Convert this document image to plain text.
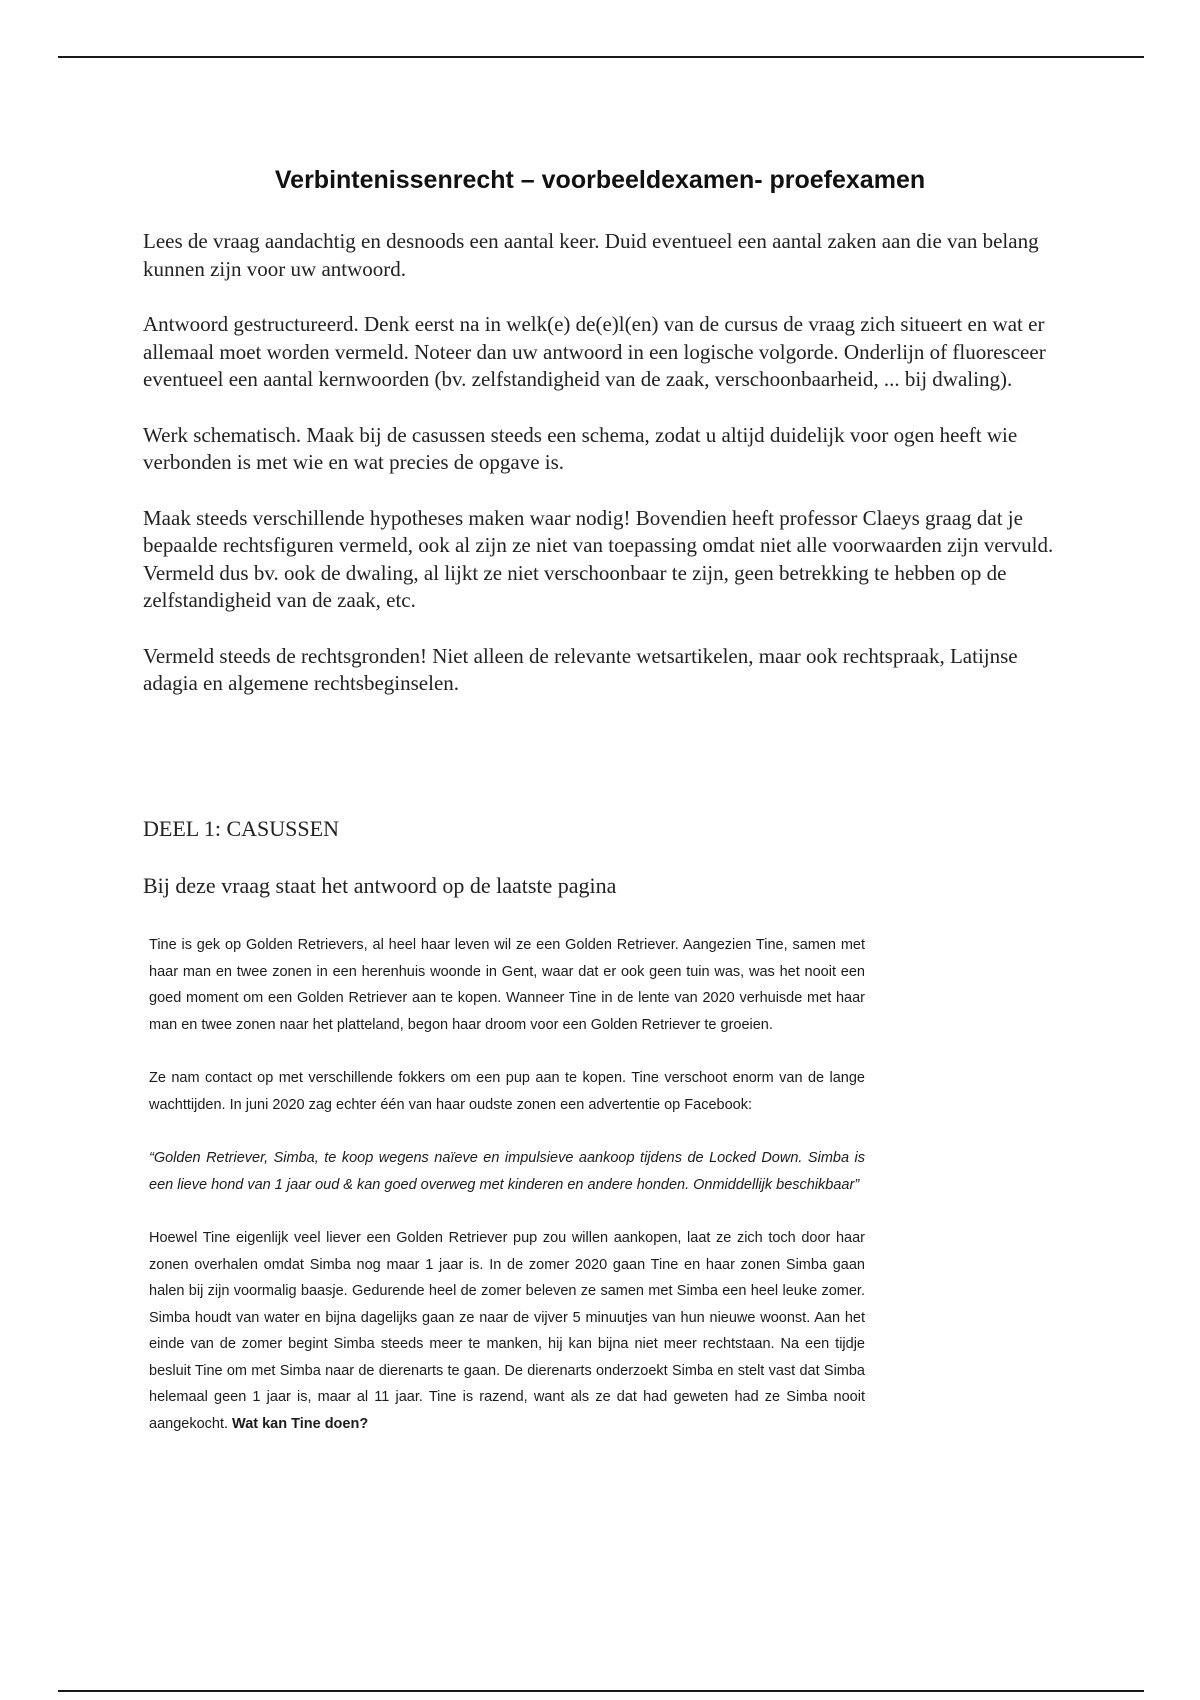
Verbintenissenrecht – voorbeeldexamen- proefexamen

Lees de vraag aandachtig en desnoods een aantal keer. Duid eventueel een aantal zaken aan die van belang kunnen zijn voor uw antwoord.

Antwoord gestructureerd. Denk eerst na in welk(e) de(e)l(en) van de cursus de vraag zich situeert en wat er allemaal moet worden vermeld. Noteer dan uw antwoord in een logische volgorde. Onderlijn of fluoresceer eventueel een aantal kernwoorden (bv. zelfstandigheid van de zaak, verschoonbaarheid, ... bij dwaling).

Werk schematisch. Maak bij de casussen steeds een schema, zodat u altijd duidelijk voor ogen heeft wie verbonden is met wie en wat precies de opgave is.

Maak steeds verschillende hypotheses maken waar nodig! Bovendien heeft professor Claeys graag dat je bepaalde rechtsfiguren vermeld, ook al zijn ze niet van toepassing omdat niet alle voorwaarden zijn vervuld. Vermeld dus bv. ook de dwaling, al lijkt ze niet verschoonbaar te zijn, geen betrekking te hebben op de zelfstandigheid van de zaak, etc.

Vermeld steeds de rechtsgronden! Niet alleen de relevante wetsartikelen, maar ook rechtspraak, Latijnse adagia en algemene rechtsbeginselen.

DEEL 1: CASUSSEN
Bij deze vraag staat het antwoord op de laatste pagina

Tine is gek op Golden Retrievers, al heel haar leven wil ze een Golden Retriever. Aangezien Tine, samen met haar man en twee zonen in een herenhuis woonde in Gent, waar dat er ook geen tuin was, was het nooit een goed moment om een Golden Retriever aan te kopen. Wanneer Tine in de lente van 2020 verhuisde met haar man en twee zonen naar het platteland, begon haar droom voor een Golden Retriever te groeien.

Ze nam contact op met verschillende fokkers om een pup aan te kopen. Tine verschoot enorm van de lange wachttijden. In juni 2020 zag echter één van haar oudste zonen een advertentie op Facebook:

“Golden Retriever, Simba, te koop wegens naïeve en impulsieve aankoop tijdens de Locked Down. Simba is een lieve hond van 1 jaar oud & kan goed overweg met kinderen en andere honden. Onmiddellijk beschikbaar”

Hoewel Tine eigenlijk veel liever een Golden Retriever pup zou willen aankopen, laat ze zich toch door haar zonen overhalen omdat Simba nog maar 1 jaar is. In de zomer 2020 gaan Tine en haar zonen Simba gaan halen bij zijn voormalig baasje. Gedurende heel de zomer beleven ze samen met Simba een heel leuke zomer. Simba houdt van water en bijna dagelijks gaan ze naar de vijver 5 minuutjes van hun nieuwe woonst. Aan het einde van de zomer begint Simba steeds meer te manken, hij kan bijna niet meer rechtstaan. Na een tijdje besluit Tine om met Simba naar de dierenarts te gaan. De dierenarts onderzoekt Simba en stelt vast dat Simba helemaal geen 1 jaar is, maar al 11 jaar. Tine is razend, want als ze dat had geweten had ze Simba nooit aangekocht. Wat kan Tine doen?
